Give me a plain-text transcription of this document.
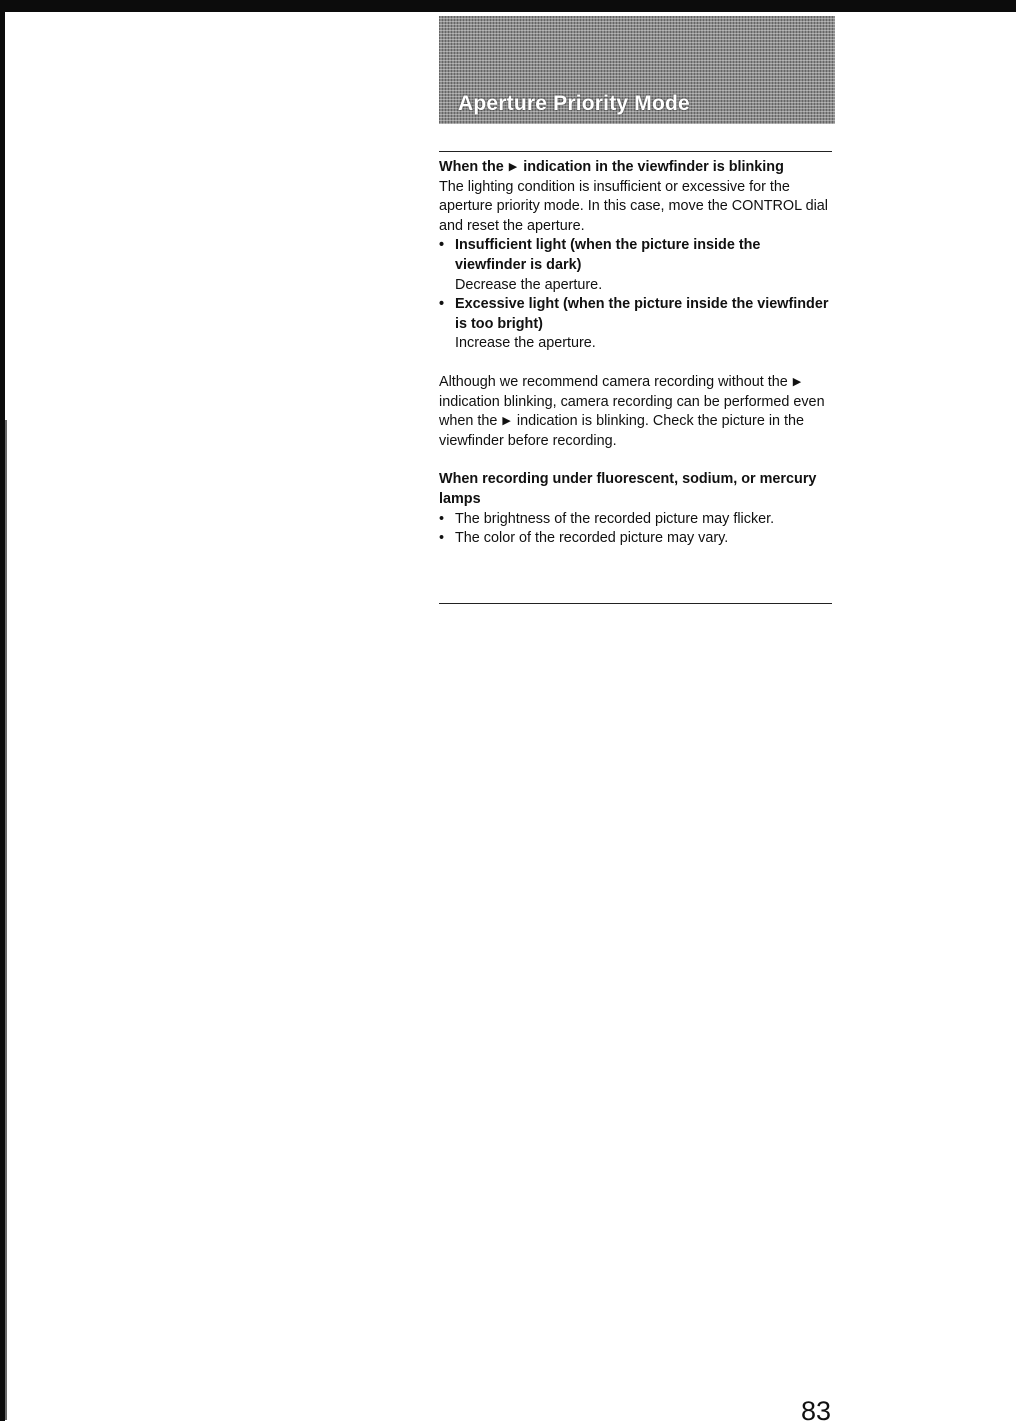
Aperture Priority Mode

When the ▶ indication in the viewfinder is blinking

The lighting condition is insufficient or excessive for the aperture priority mode. In this case, move the CONTROL dial and reset the aperture.

• Insufficient light (when the picture inside the viewfinder is dark)

Decrease the aperture.

• Excessive light (when the picture inside the viewfinder is too bright)

Increase the aperture.

Although we recommend camera recording without the ▶indication blinking, camera recording can be performed even when the ▶ indication is blinking. Check the picture in the viewfinder before recording.

When recording under fluorescent, sodium, or mercury lamps

• The brightness of the recorded picture may flicker.

• The color of the recorded picture may vary.

83
